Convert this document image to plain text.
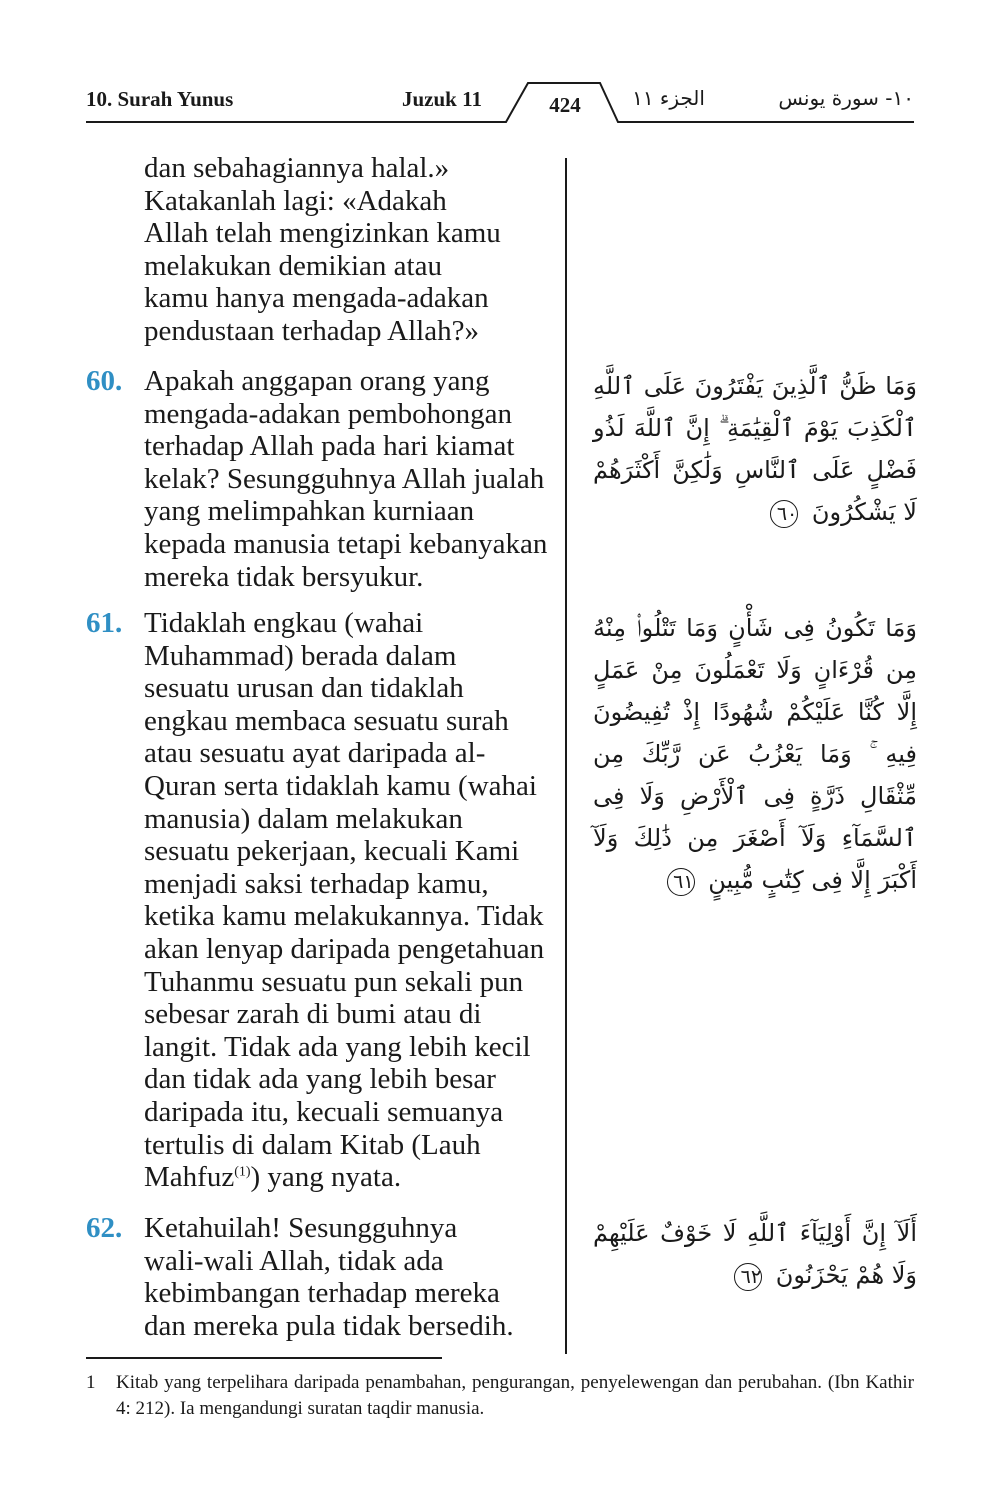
10. Surah Yunus	Juzuk 11	424	الجزء ١١	١٠- سورة يونس
dan sebahagiannya halal.»
Katakanlah lagi: «Adakah
Allah telah mengizinkan kamu
melakukan demikian atau
kamu hanya mengada-adakan
pendustaan terhadap Allah?»
60. Apakah anggapan orang yang
mengada-adakan pembohongan
terhadap Allah pada hari kiamat
kelak? Sesungguhnya Allah jualah
yang melimpahkan kurniaan
kepada manusia tetapi kebanyakan
mereka tidak bersyukur.
61. Tidaklah engkau (wahai
Muhammad) berada dalam
sesuatu urusan dan tidaklah
engkau membaca sesuatu surah
atau sesuatu ayat daripada al-
Quran serta tidaklah kamu (wahai
manusia) dalam melakukan
sesuatu pekerjaan, kecuali Kami
menjadi saksi terhadap kamu,
ketika kamu melakukannya. Tidak
akan lenyap daripada pengetahuan
Tuhanmu sesuatu pun sekali pun
sebesar zarah di bumi atau di
langit. Tidak ada yang lebih kecil
dan tidak ada yang lebih besar
daripada itu, kecuali semuanya
tertulis di dalam Kitab (Lauh
Mahfuz$^{(1)}$) yang nyata.
62. Ketahuilah! Sesungguhnya
wali-wali Allah, tidak ada
kebimbangan terhadap mereka
dan mereka pula tidak bersedih.
وَمَا ظَنُّ ٱلَّذِينَ يَفْتَرُونَ عَلَى ٱللَّهِ ٱلْكَذِبَ يَوْمَ ٱلْقِيَٰمَةِ ۗ إِنَّ ٱللَّهَ لَذُو فَضْلٍ عَلَى ٱلنَّاسِ وَلَٰكِنَّ أَكْثَرَهُمْ لَا يَشْكُرُونَ ٦٠
وَمَا تَكُونُ فِى شَأْنٍ وَمَا تَتْلُوا۟ مِنْهُ مِن قُرْءَانٍ وَلَا تَعْمَلُونَ مِنْ عَمَلٍ إِلَّا كُنَّا عَلَيْكُمْ شُهُودًا إِذْ تُفِيضُونَ فِيهِ ۚ وَمَا يَعْزُبُ عَن رَّبِّكَ مِن مِّثْقَالِ ذَرَّةٍ فِى ٱلْأَرْضِ وَلَا فِى ٱلسَّمَآءِ وَلَآ أَصْغَرَ مِن ذَٰلِكَ وَلَآ أَكْبَرَ إِلَّا فِى كِتَٰبٍ مُّبِينٍ ٦١
أَلَآ إِنَّ أَوْلِيَآءَ ٱللَّهِ لَا خَوْفٌ عَلَيْهِمْ وَلَا هُمْ يَحْزَنُونَ ٦٢
1 Kitab yang terpelihara daripada penambahan, pengurangan, penyelewengan dan perubahan. (Ibn Kathir 4: 212). Ia mengandungi suratan taqdir manusia.
